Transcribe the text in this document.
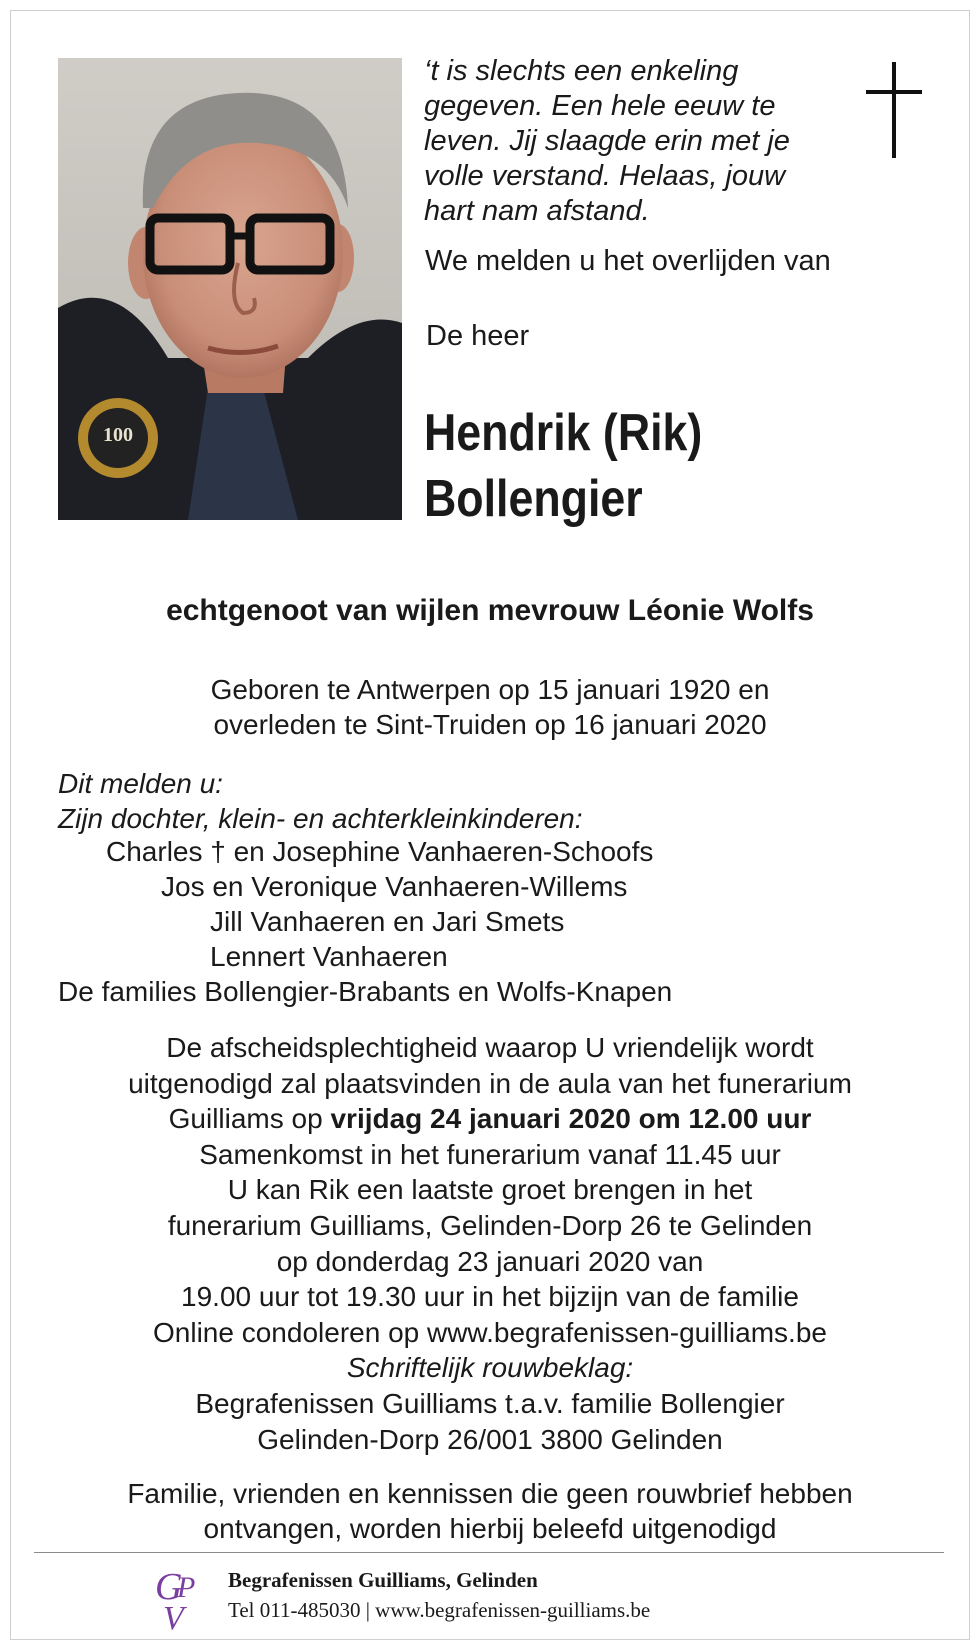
100
‘t is slechts een enkeling
gegeven. Een hele eeuw te
leven. Jij slaagde erin met je
volle verstand. Helaas, jouw
hart nam afstand.
We melden u het overlijden van
De heer
Hendrik (Rik)
Bollengier
echtgenoot van wijlen mevrouw Léonie Wolfs
Geboren te Antwerpen op 15 januari 1920 en
overleden te Sint-Truiden op 16 januari 2020
Dit melden u:
Zijn dochter, klein- en achterkleinkinderen:
Charles † en Josephine Vanhaeren-Schoofs
Jos en Veronique Vanhaeren-Willems
Jill Vanhaeren en Jari Smets
Lennert Vanhaeren
De families Bollengier-Brabants en Wolfs-Knapen
De afscheidsplechtigheid waarop U vriendelijk wordt
uitgenodigd zal plaatsvinden in de aula van het funerarium
Guilliams op vrijdag 24 januari 2020 om 12.00 uur
Samenkomst in het funerarium vanaf 11.45 uur
U kan Rik een laatste groet brengen in het
funerarium Guilliams, Gelinden-Dorp 26 te Gelinden
op donderdag 23 januari 2020 van
19.00 uur tot 19.30 uur in het bijzijn van de familie
Online condoleren op www.begrafenissen-guilliams.be
Schriftelijk rouwbeklag:
Begrafenissen Guilliams t.a.v. familie Bollengier
Gelinden-Dorp 26/001 3800 Gelinden
Familie, vrienden en kennissen die geen rouwbrief hebben
ontvangen, worden hierbij beleefd uitgenodigd
G
P
V
Begrafenissen Guilliams, Gelinden
Tel 011-485030 | www.begrafenissen-guilliams.be
